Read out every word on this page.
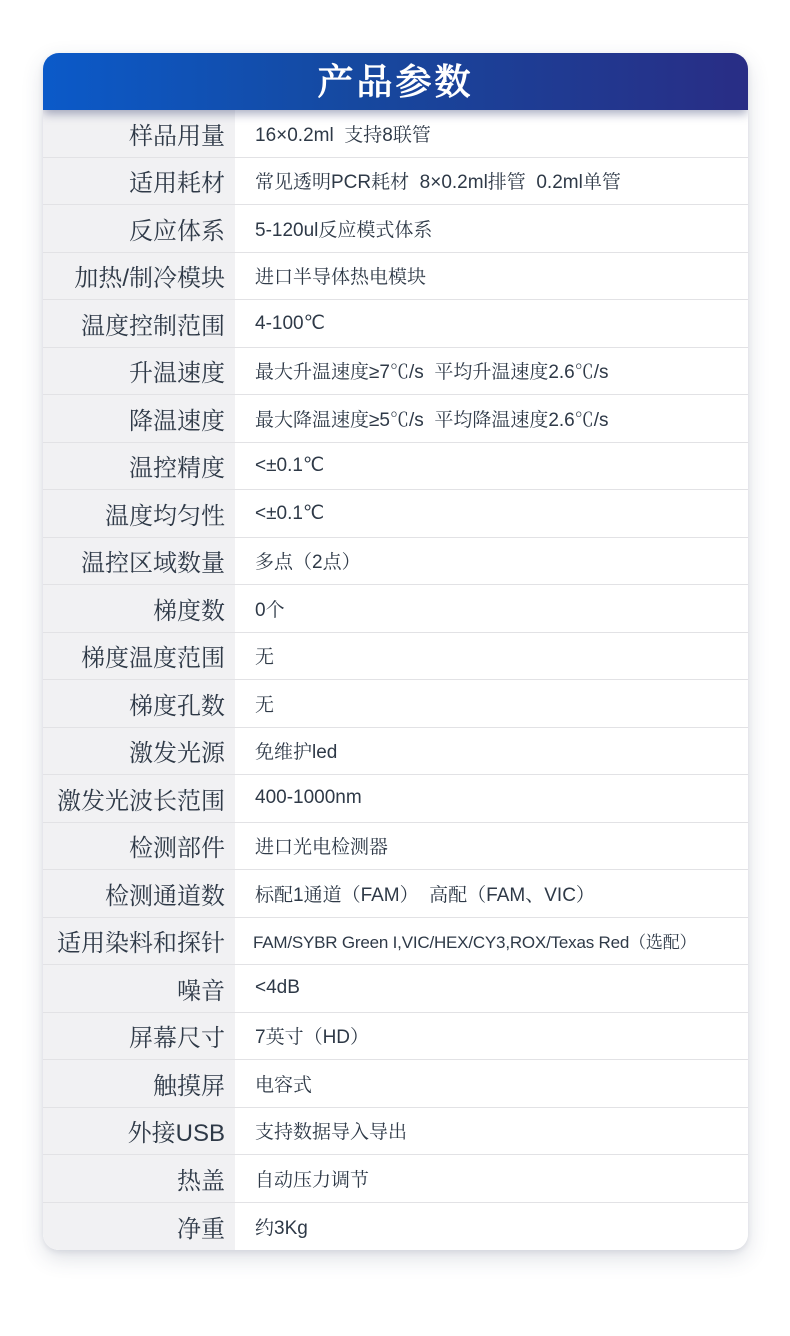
产品参数
样品用量	16×0.2ml  支持8联管
适用耗材	常见透明PCR耗材  8×0.2ml排管  0.2ml单管
反应体系	5-120ul反应模式体系
加热/制冷模块	进口半导体热电模块
温度控制范围	4-100℃
升温速度	最大升温速度≥7℃/s  平均升温速度2.6℃/s
降温速度	最大降温速度≥5℃/s  平均降温速度2.6℃/s
温控精度	<±0.1℃
温度均匀性	<±0.1℃
温控区域数量	多点（2点）
梯度数	0个
梯度温度范围	无
梯度孔数	无
激发光源	免维护led
激发光波长范围	400-1000nm
检测部件	进口光电检测器
检测通道数	标配1通道（FAM）  高配（FAM、VIC）
适用染料和探针	FAM/SYBR Green I,VIC/HEX/CY3,ROX/Texas Red（选配）
噪音	<4dB
屏幕尺寸	7英寸（HD）
触摸屏	电容式
外接USB	支持数据导入导出
热盖	自动压力调节
净重	约3Kg
